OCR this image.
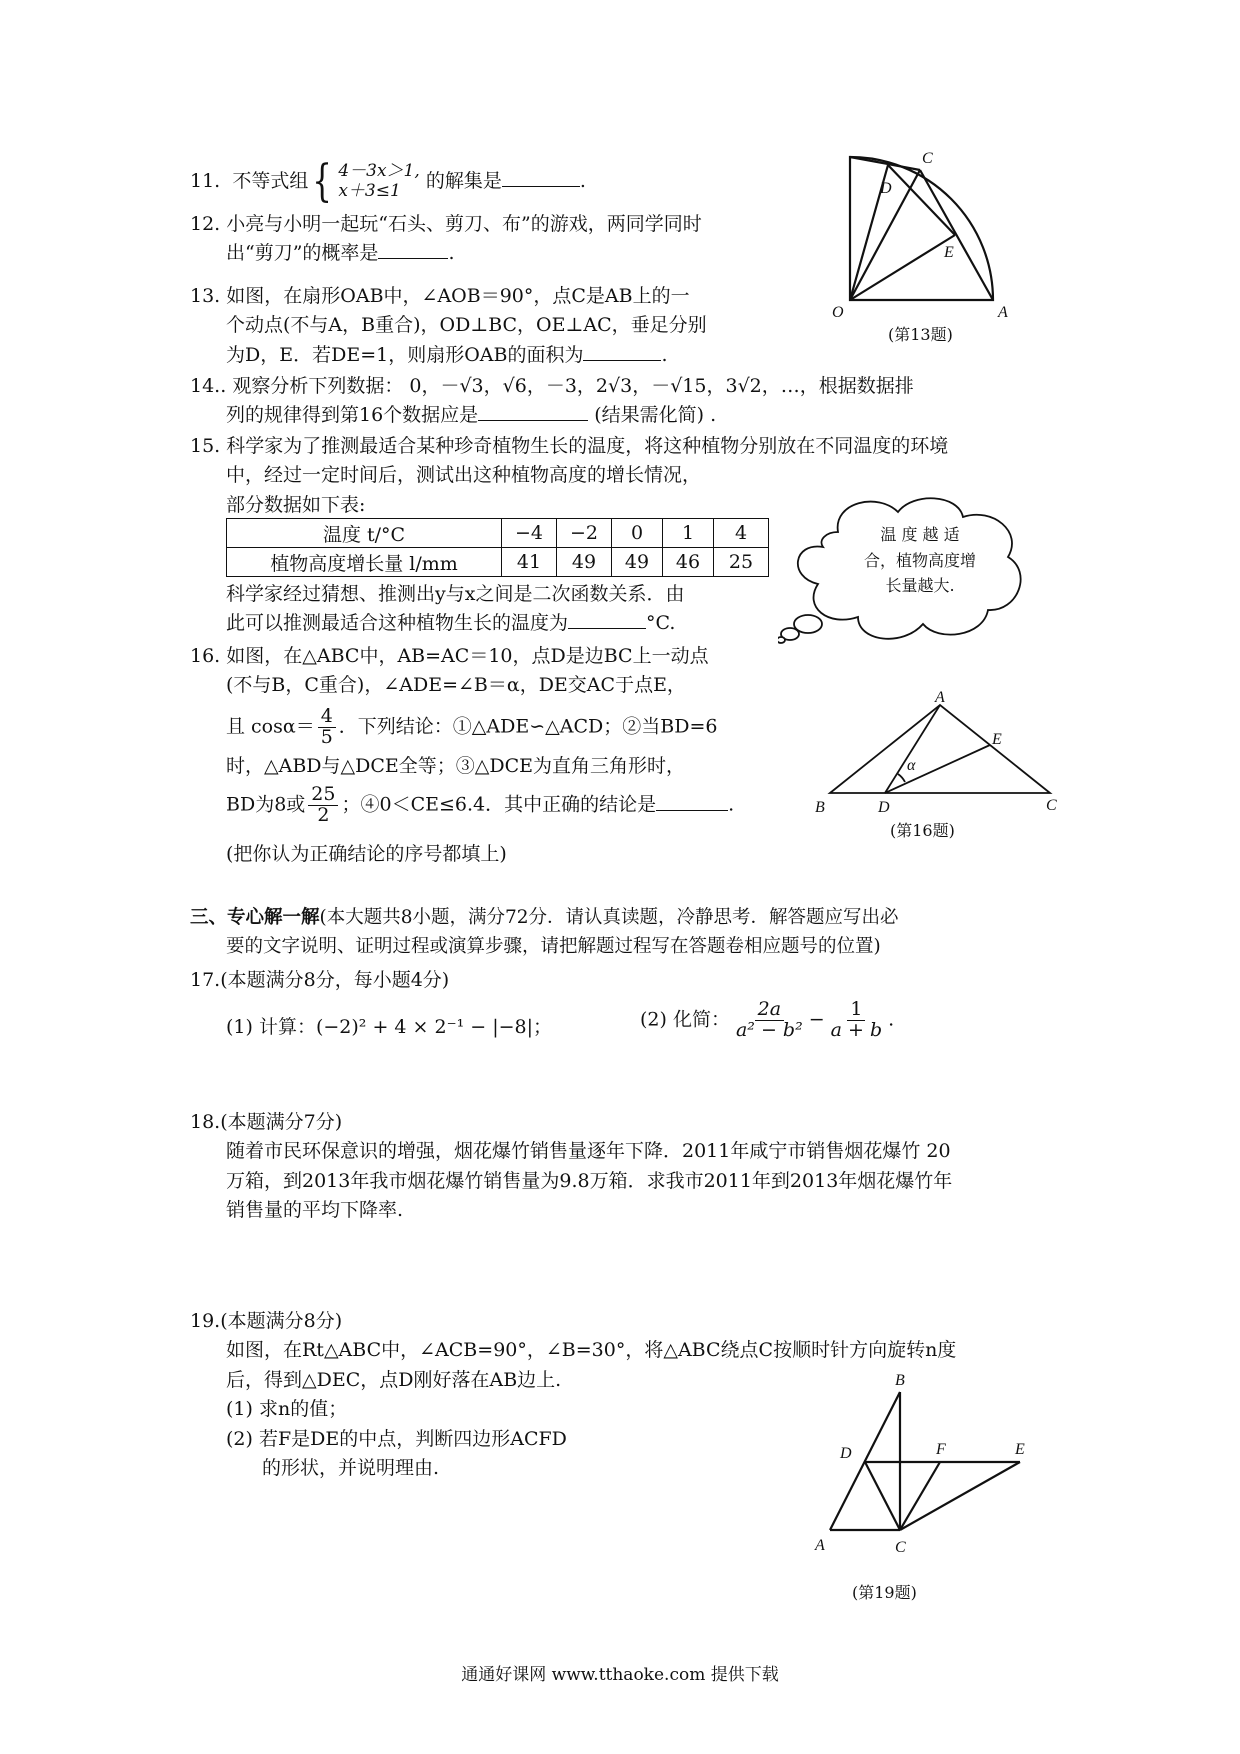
11. 不等式组 { 4－3x＞1,
x＋3≤1	的解集是	.
12. 小亮与小明一起玩“石头、剪刀、布”的游戏，两同学同时
出“剪刀”的概率是	.
13. 如图，在扇形OAB中，∠AOB＝90°，点C是AB上的一
个动点(不与A，B重合)，OD⊥BC，OE⊥AC，垂足分别
为D，E．若DE=1，则扇形OAB的面积为	.
O	A
C
D
E
(第13题)
14.. 观察分析下列数据： 0，－√3，√6，－3，2√3，－√15，3√2，…，根据数据排
列的规律得到第16个数据应是	(结果需化简) .
15. 科学家为了推测最适合某种珍奇植物生长的温度，将这种植物分别放在不同温度的环境
中，经过一定时间后，测试出这种植物高度的增长情况，
部分数据如下表:
温度 t/°C	−4	−2	0	1	4
植物高度增长量 l/mm	41	49	49	46	25
科学家经过猜想、推测出y与x之间是二次函数关系．由
此可以推测最适合这种植物生长的温度为	°C.
温 度 越 适
合，植物高度增
长量越大.
16. 如图，在△ABC中，AB=AC＝10，点D是边BC上一动点
(不与B，C重合)，∠ADE=∠B＝α，DE交AC于点E，
且 $\cos\alpha= \frac{4}{5}$ ．下列结论：①△ADE∽△ACD；②当BD=6
时，△ABD与△DCE全等；③△DCE为直角三角形时，
BD为8或 $\frac{25}{2}$ ；④0＜CE≤6.4．其中正确的结论是	.
(把你认为正确结论的序号都填上)
A
B	C
D
E
α
(第16题)
三、专心解一解(本大题共8小题，满分72分．请认真读题，冷静思考．解答题应写出必
要的文字说明、证明过程或演算步骤，请把解题过程写在答题卷相应题号的位置)
17.(本题满分8分，每小题4分)
(1) 计算：(−2)² + 4 × 2⁻¹ − |−8|；	(2) 化简： $\frac{2a}{\text{a² − b²}} - \frac{1}{a + b}$ .
18.(本题满分7分)
随着市民环保意识的增强，烟花爆竹销售量逐年下降．2011年咸宁市销售烟花爆竹 20
万箱，到2013年我市烟花爆竹销售量为9.8万箱．求我市2011年到2013年烟花爆竹年
销售量的平均下降率.
19.(本题满分8分)
如图，在Rt△ABC中，∠ACB=90°，∠B=30°，将△ABC绕点C按顺时针方向旋转n度
后，得到△DEC，点D刚好落在AB边上.
(1) 求n的值；
(2) 若F是DE的中点，判断四边形ACFD
的形状，并说明理由.
B
D	F	E
A	C
(第19题)
通通好课网 www.tthaoke.com 提供下载
